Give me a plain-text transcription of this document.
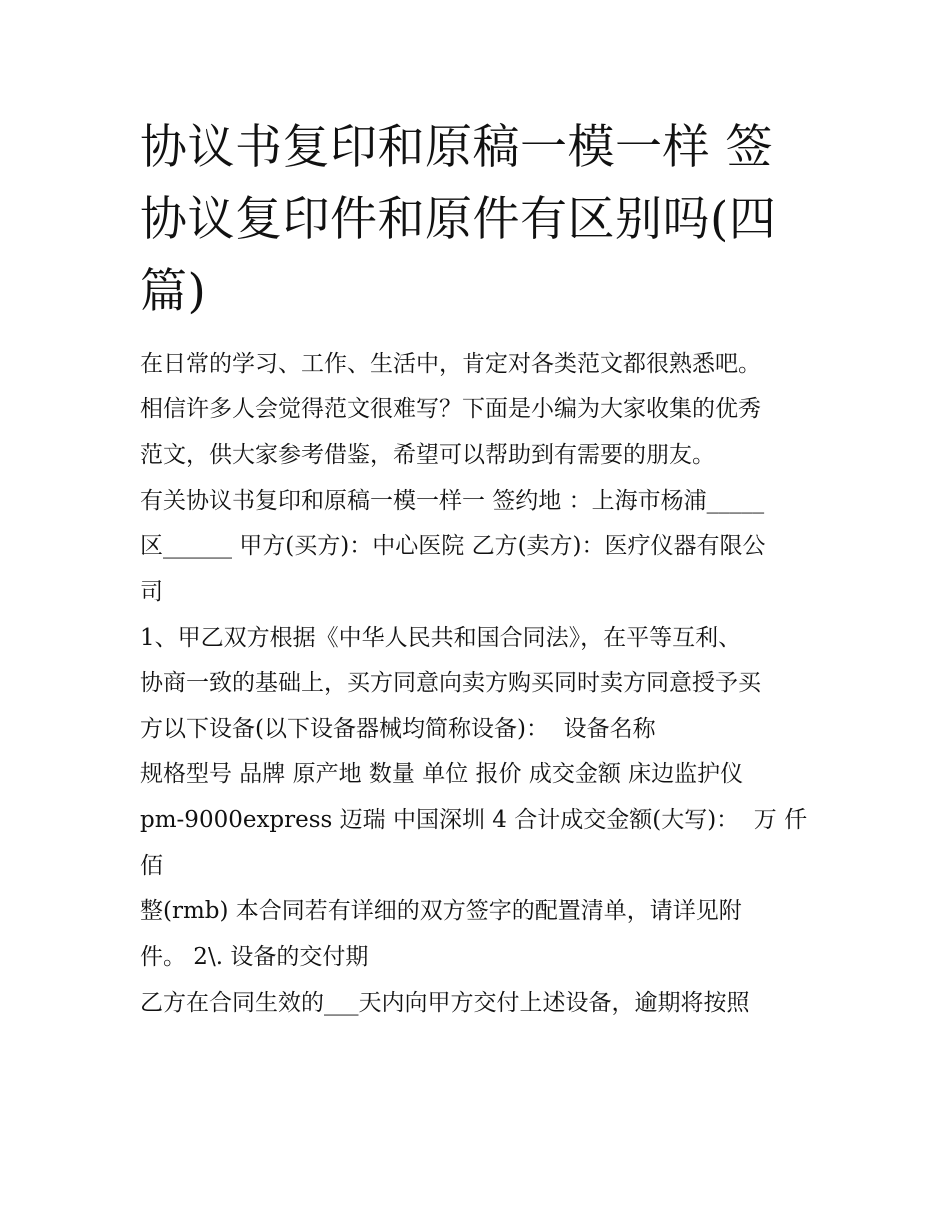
协议书复印和原稿一模一样 签协议复印件和原件有区别吗(四篇)

在日常的学习、工作、生活中，肯定对各类范文都很熟悉吧。
相信许多人会觉得范文很难写？下面是小编为大家收集的优秀
范文，供大家参考借鉴，希望可以帮助到有需要的朋友。

有关协议书复印和原稿一模一样一 签约地 ：上海市杨浦_____
区______ 甲方(买方)：中心医院 乙方(卖方)：医疗仪器有限公
司

1、甲乙双方根据《中华人民共和国合同法》，在平等互利、
协商一致的基础上，买方同意向卖方购买同时卖方同意授予买
方以下设备(以下设备器械均简称设备)：  设备名称

规格型号 品牌 原产地 数量 单位 报价 成交金额 床边监护仪
pm-9000express 迈瑞 中国深圳 4 合计成交金额(大写)：  万 仟
佰

整(rmb) 本合同若有详细的双方签字的配置清单，请详见附
件。 2\. 设备的交付期

乙方在合同生效的___天内向甲方交付上述设备，逾期将按照
